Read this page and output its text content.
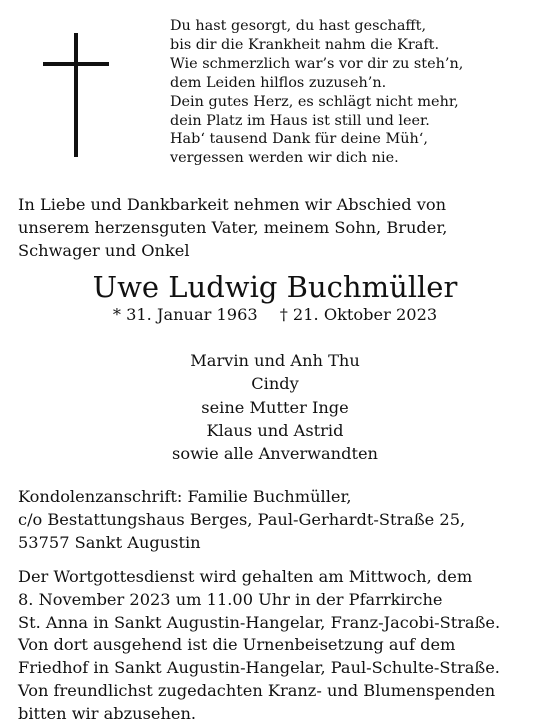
Du hast gesorgt, du hast geschafft,
bis dir die Krankheit nahm die Kraft.
Wie schmerzlich war’s vor dir zu steh’n,
dem Leiden hilflos zuzuseh’n.
Dein gutes Herz, es schlägt nicht mehr,
dein Platz im Haus ist still und leer.
Hab‘ tausend Dank für deine Müh‘,
vergessen werden wir dich nie.
In Liebe und Dankbarkeit nehmen wir Abschied von
unserem herzensguten Vater, meinem Sohn, Bruder,
Schwager und Onkel
Uwe Ludwig Buchmüller
* 31. Januar 1963 † 21. Oktober 2023
Marvin und Anh Thu
Cindy
seine Mutter Inge
Klaus und Astrid
sowie alle Anverwandten
Kondolenzanschrift: Familie Buchmüller,
c/o Bestattungshaus Berges, Paul-Gerhardt-Straße 25,
53757 Sankt Augustin
Der Wortgottesdienst wird gehalten am Mittwoch, dem
8. November 2023 um 11.00 Uhr in der Pfarrkirche
St. Anna in Sankt Augustin-Hangelar, Franz-Jacobi-Straße.
Von dort ausgehend ist die Urnenbeisetzung auf dem
Friedhof in Sankt Augustin-Hangelar, Paul-Schulte-Straße.
Von freundlichst zugedachten Kranz- und Blumenspenden
bitten wir abzusehen.
